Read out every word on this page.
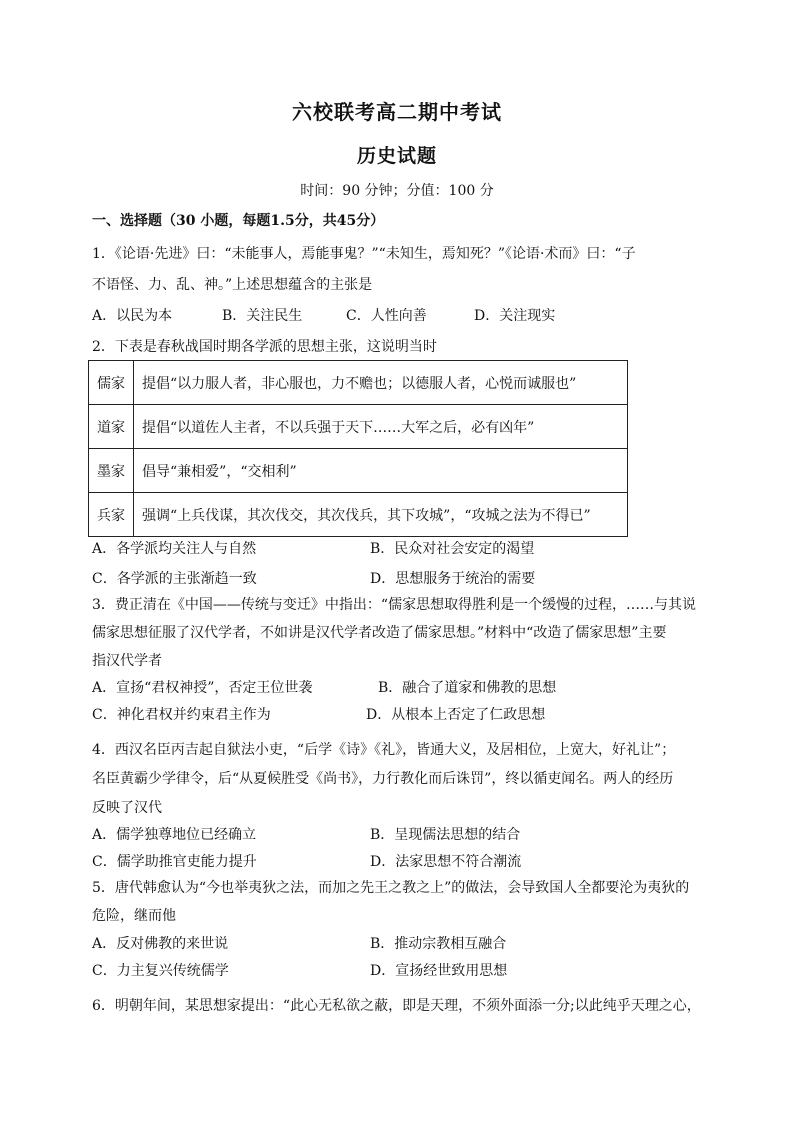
六校联考高二期中考试
历史试题
时间：90 分钟；分值：100 分
一、选择题（30 小题，每题1.5分，共45分）
1．《论语·先进》曰：“未能事人，焉能事鬼？”“未知生，焉知死？”《论语·术而》曰：“子
不语怪、力、乱、神。”上述思想蕴含的主张是
A．以民为本	B．关注民生	C．人性向善	D．关注现实
2．下表是春秋战国时期各学派的思想主张，这说明当时
儒家	提倡“以力服人者，非心服也，力不赡也；以德服人者，心悦而诚服也”
道家	提倡“以道佐人主者，不以兵强于天下……大军之后，必有凶年”
墨家	倡导“兼相爱”，“交相利”
兵家	强调“上兵伐谋，其次伐交，其次伐兵，其下攻城”，“攻城之法为不得已”
A．各学派均关注人与自然	B．民众对社会安定的渴望
C．各学派的主张渐趋一致	D．思想服务于统治的需要
3．费正清在《中国——传统与变迁》中指出：“儒家思想取得胜利是一个缓慢的过程，……与其说
儒家思想征服了汉代学者，不如讲是汉代学者改造了儒家思想。”材料中“改造了儒家思想”主要
指汉代学者
A．宣扬“君权神授”，否定王位世袭	B．融合了道家和佛教的思想
C．神化君权并约束君主作为	D．从根本上否定了仁政思想
4．西汉名臣丙吉起自狱法小吏，“后学《诗》《礼》，皆通大义，及居相位，上宽大，好礼让”；
名臣黄霸少学律令，后“从夏候胜受《尚书》，力行教化而后诛罚”，终以循吏闻名。两人的经历
反映了汉代
A．儒学独尊地位已经确立	B．呈现儒法思想的结合
C．儒学助推官吏能力提升	D．法家思想不符合潮流
5．唐代韩愈认为“今也举夷狄之法，而加之先王之教之上”的做法，会导致国人全都要沦为夷狄的
危险，继而他
A．反对佛教的来世说	B．推动宗教相互融合
C．力主复兴传统儒学	D．宣扬经世致用思想
6．明朝年间，某思想家提出：“此心无私欲之蔽，即是天理，不须外面添一分;以此纯乎天理之心，
